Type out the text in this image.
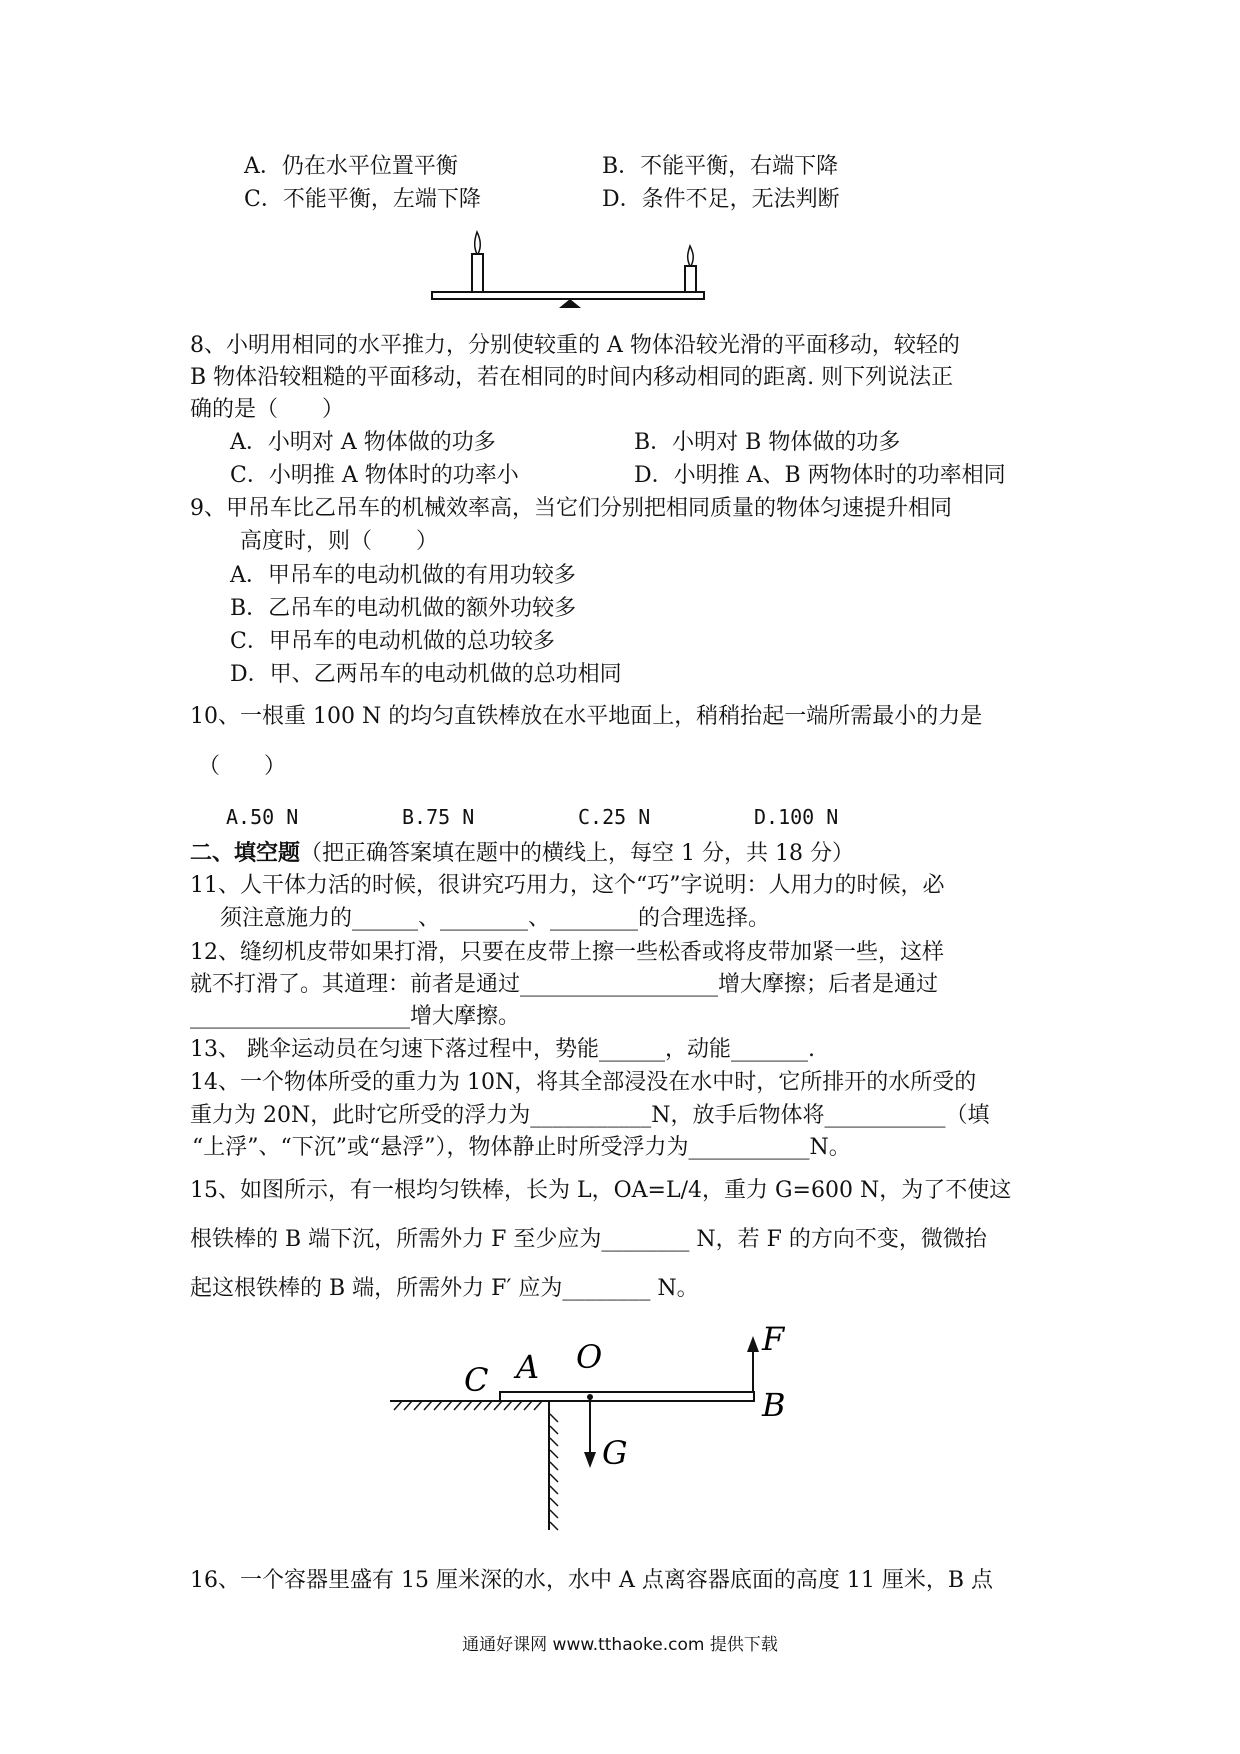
A．仍在水平位置平衡	B．不能平衡，右端下降
C．不能平衡，左端下降	D．条件不足，无法判断
8、小明用相同的水平推力，分别使较重的 A 物体沿较光滑的平面移动，较轻的
B 物体沿较粗糙的平面移动，若在相同的时间内移动相同的距离. 则下列说法正
确的是（　　）
A．小明对 A 物体做的功多	B．小明对 B 物体做的功多
C．小明推 A 物体时的功率小	D．小明推 A、B 两物体时的功率相同
9、甲吊车比乙吊车的机械效率高，当它们分别把相同质量的物体匀速提升相同
高度时，则（　　）
A．甲吊车的电动机做的有用功较多
B．乙吊车的电动机做的额外功较多
C．甲吊车的电动机做的总功较多
D．甲、乙两吊车的电动机做的总功相同
10、一根重 100 N 的均匀直铁棒放在水平地面上，稍稍抬起一端所需最小的力是
（　　）
A.50 N	B.75 N	C.25 N	D.100 N
二、填空题（把正确答案填在题中的横线上，每空 1 分，共 18 分）
11、人干体力活的时候，很讲究巧用力，这个“巧”字说明：人用力的时候，必
须注意施力的______、________、________的合理选择。
12、缝纫机皮带如果打滑，只要在皮带上擦一些松香或将皮带加紧一些，这样
就不打滑了。其道理：前者是通过__________________增大摩擦；后者是通过
____________________增大摩擦。
13、 跳伞运动员在匀速下落过程中，势能______，动能_______.
14、一个物体所受的重力为 10N，将其全部浸没在水中时，它所排开的水所受的
重力为 20N，此时它所受的浮力为___________N，放手后物体将___________（填
“上浮”、“下沉”或“悬浮”），物体静止时所受浮力为___________N。
15、如图所示，有一根均匀铁棒，长为 L，OA=L/4，重力 G=600 N，为了不使这
根铁棒的 B 端下沉，所需外力 F 至少应为________ N，若 F 的方向不变，微微抬
起这根铁棒的 B 端，所需外力 F′ 应为________ N。
C A O	F
B
G
16、一个容器里盛有 15 厘米深的水，水中 A 点离容器底面的高度 11 厘米，B 点
通通好课网 www.tthaoke.com 提供下载
